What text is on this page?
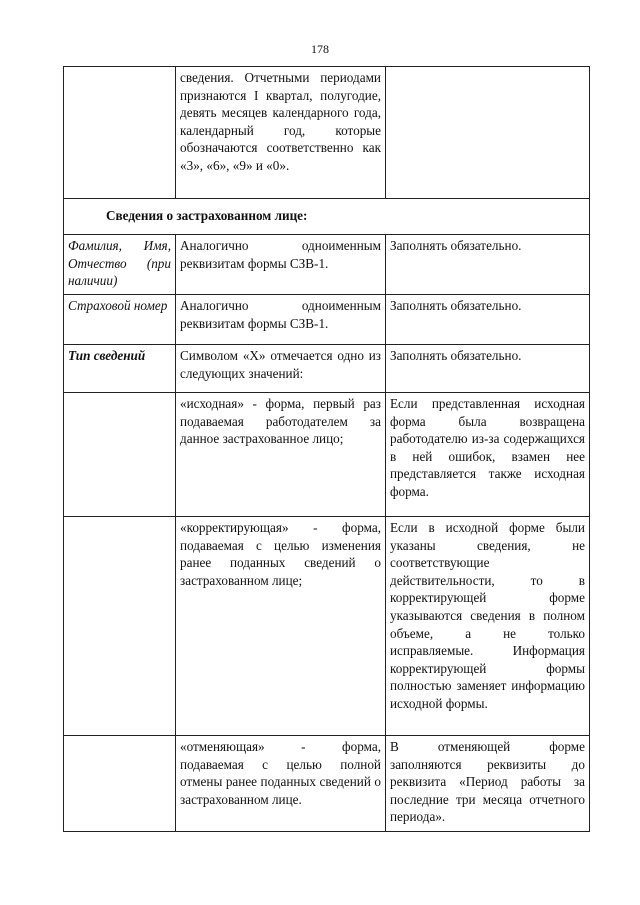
178
	сведения. Отчетными периодами признаются I квартал, полугодие, девять месяцев календарного года, календарный год, которые обозначаются соответственно как «3», «6», «9» и «0».	
Сведения о застрахованном лице:		
Фамилия, Имя, Отчество (при наличии)	Аналогично одноименным реквизитам формы СЗВ-1.	Заполнять обязательно.
Страховой номер	Аналогично одноименным реквизитам формы СЗВ-1.	Заполнять обязательно.
Тип сведений	Символом «Х» отмечается одно из следующих значений:	Заполнять обязательно.
	«исходная» - форма, первый раз подаваемая работодателем за данное застрахованное лицо;	Если представленная исходная форма была возвращена работодателю из-за содержащихся в ней ошибок, взамен нее представляется также исходная форма.
	«корректирующая» - форма, подаваемая с целью изменения ранее поданных сведений о застрахованном лице;	Если в исходной форме были указаны сведения, не соответствующие действительности, то в корректирующей форме указываются сведения в полном объеме, а не только исправляемые. Информация корректирующей формы полностью заменяет информацию исходной формы.
	«отменяющая» - форма, подаваемая с целью полной отмены ранее поданных сведений о застрахованном лице.	В отменяющей форме заполняются реквизиты до реквизита «Период работы за последние три месяца отчетного периода».
